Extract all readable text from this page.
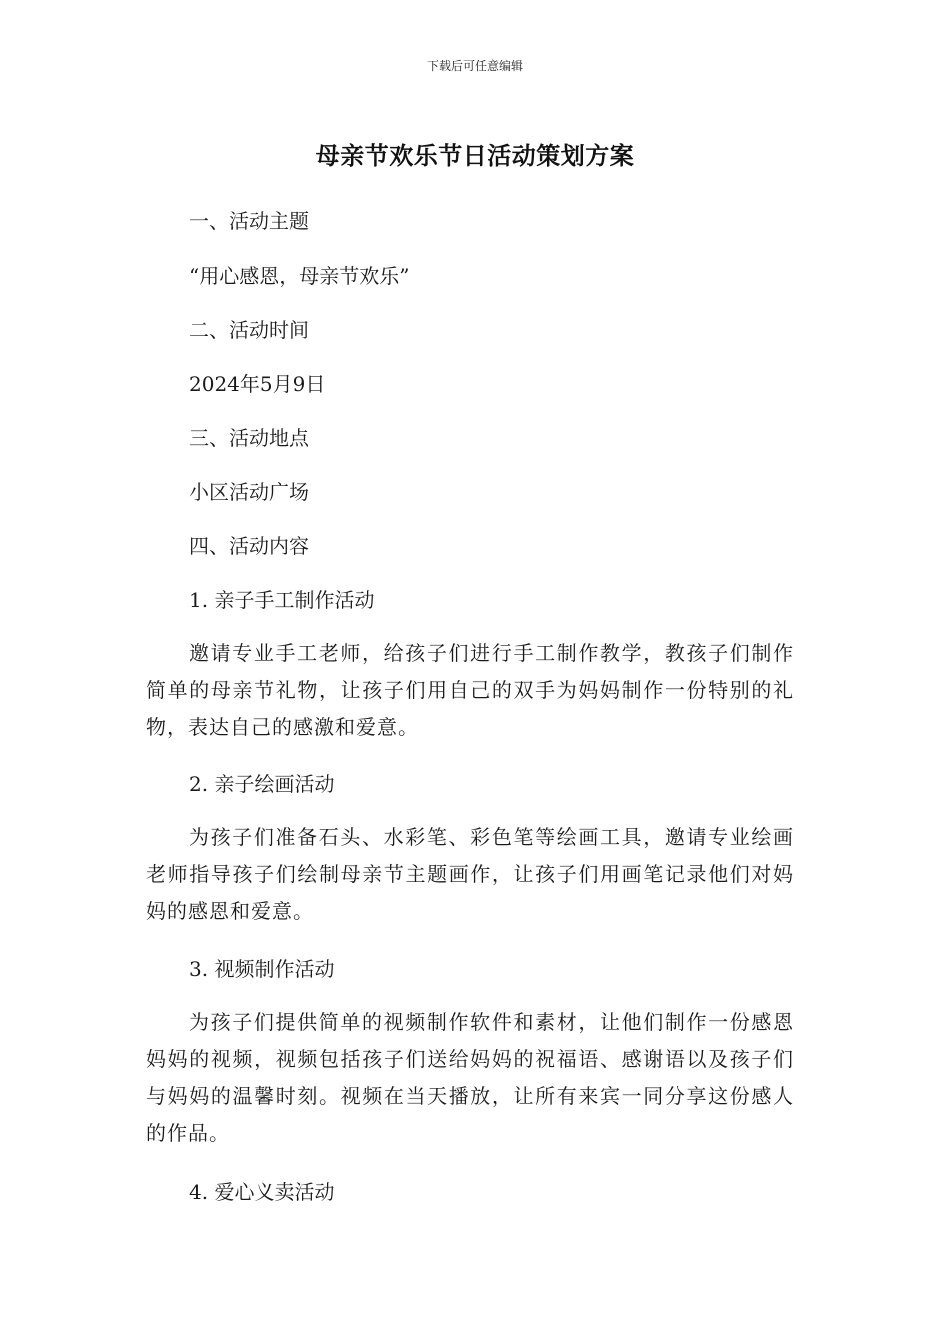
下载后可任意编辑
母亲节欢乐节日活动策划方案
一、活动主题
“用心感恩，母亲节欢乐”
二、活动时间
2024年5月9日
三、活动地点
小区活动广场
四、活动内容
1. 亲子手工制作活动
邀请专业手工老师，给孩子们进行手工制作教学，教孩子们制作简单的母亲节礼物，让孩子们用自己的双手为妈妈制作一份特别的礼物，表达自己的感激和爱意。
2. 亲子绘画活动
为孩子们准备石头、水彩笔、彩色笔等绘画工具，邀请专业绘画老师指导孩子们绘制母亲节主题画作，让孩子们用画笔记录他们对妈妈的感恩和爱意。
3. 视频制作活动
为孩子们提供简单的视频制作软件和素材，让他们制作一份感恩妈妈的视频，视频包括孩子们送给妈妈的祝福语、感谢语以及孩子们与妈妈的温馨时刻。视频在当天播放，让所有来宾一同分享这份感人的作品。
4. 爱心义卖活动
